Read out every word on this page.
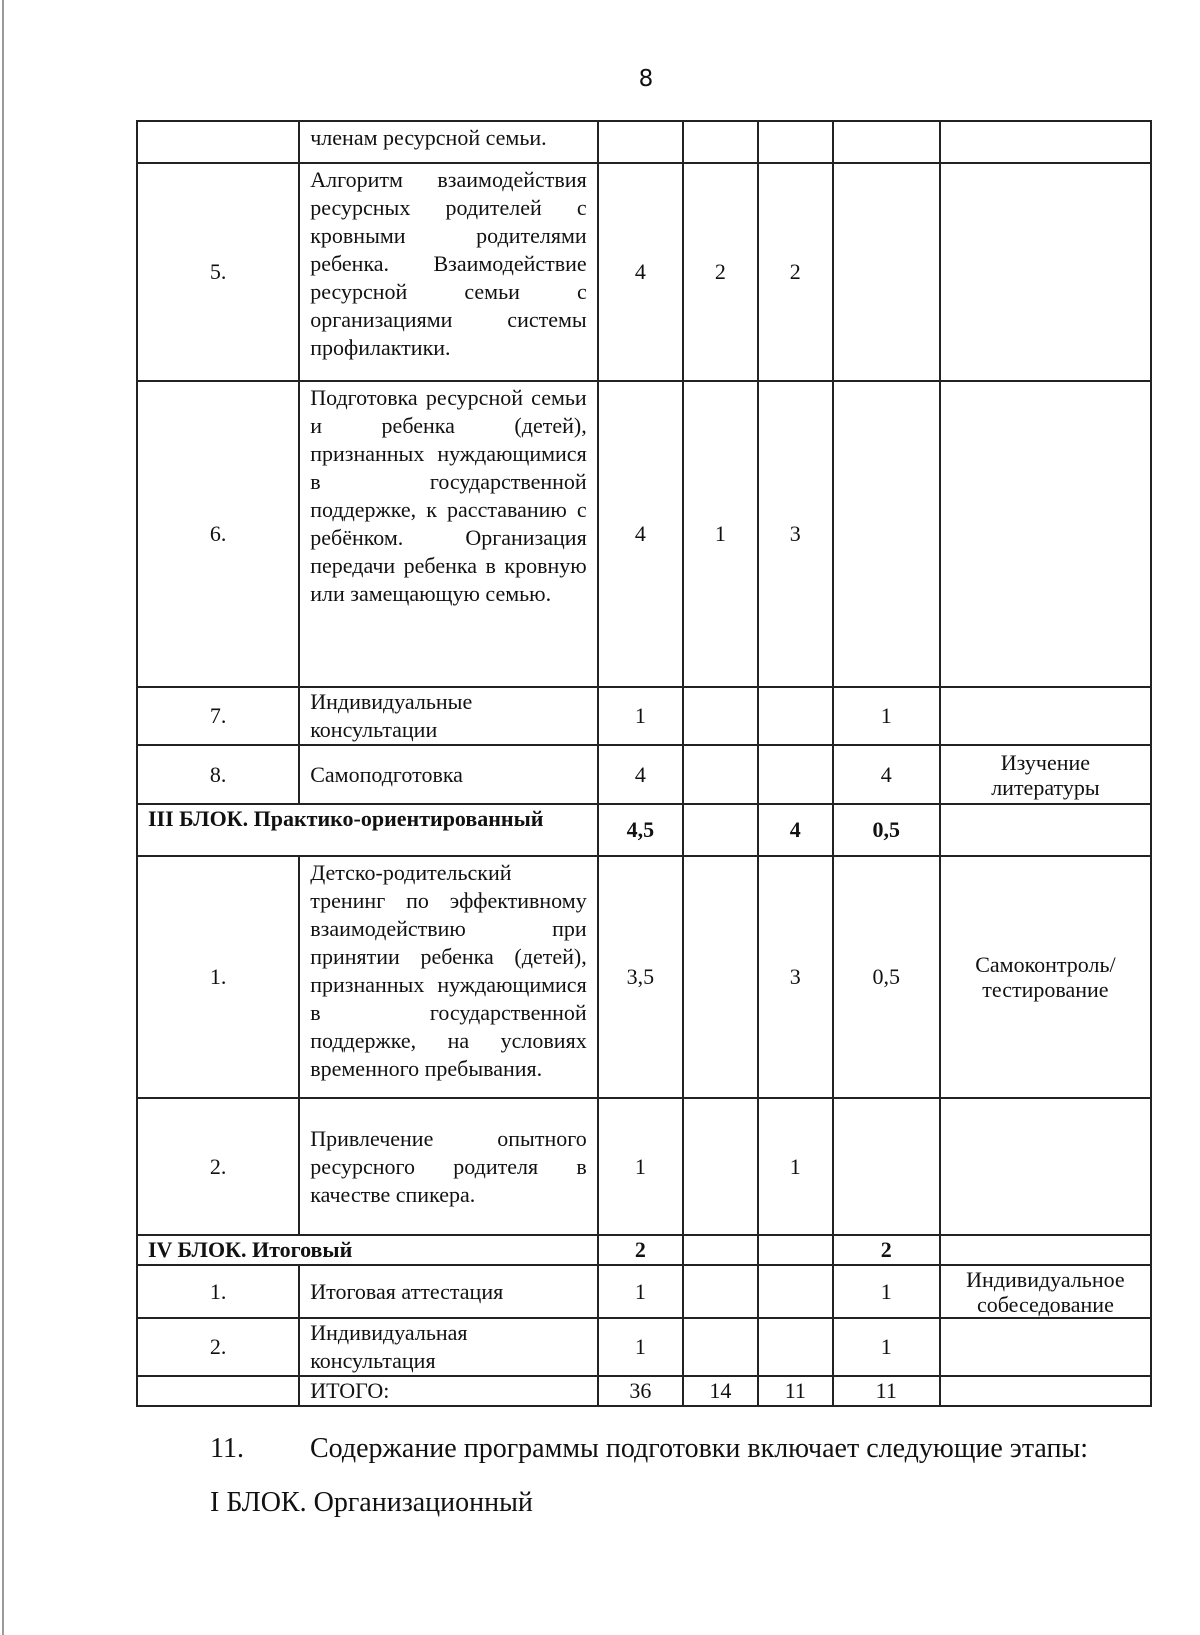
8
	членам ресурсной семьи.					
5.	Алгоритм взаимодействия ресурсных родителей с кровными родителями ребенка. Взаимодействие ресурсной семьи с организациями системы профилактики.	4	2	2		
6.	Подготовка ресурсной семьи и ребенка (детей), признанных нуждающимися в государственной поддержке, к расставанию с ребёнком. Организация передачи ребенка в кровную или замещающую семью.	4	1	3		
7.	Индивидуальные консультации	1			1	
8.	Самоподготовка	4			4	Изучение литературы
III БЛОК. Практико-ориентированный		4,5		4	0,5	
1.	Детско-родительский тренинг по эффективному взаимодействию при принятии ребенка (детей), признанных нуждающимися в государственной поддержке, на условиях временного пребывания.	3,5		3	0,5	Самоконтроль/ тестирование
2.	Привлечение опытного ресурсного родителя в качестве спикера.	1		1		
IV БЛОК. Итоговый		2			2	
1.	Итоговая аттестация	1			1	Индивидуальное собеседование
2.	Индивидуальная консультация	1			1	
	ИТОГО:	36	14	11	11	
11. Содержание программы подготовки включает следующие этапы:
I БЛОК. Организационный
